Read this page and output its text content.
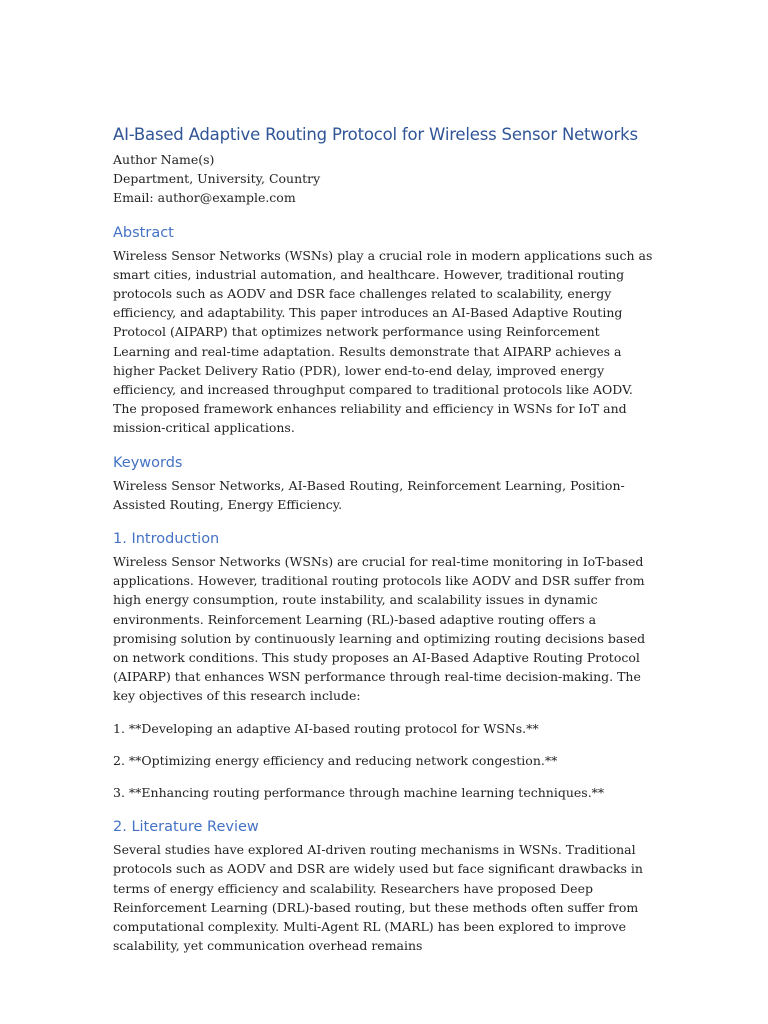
AI-Based Adaptive Routing Protocol for Wireless Sensor Networks

Author Name(s)

Department, University, Country

Email: author@example.com

Abstract

Wireless Sensor Networks (WSNs) play a crucial role in modern applications such as smart cities, industrial automation, and healthcare. However, traditional routing protocols such as AODV and DSR face challenges related to scalability, energy efficiency, and adaptability. This paper introduces an AI-Based Adaptive Routing Protocol (AIPARP) that optimizes network performance using Reinforcement Learning and real-time adaptation. Results demonstrate that AIPARP achieves a higher Packet Delivery Ratio (PDR), lower end-to-end delay, improved energy efficiency, and increased throughput compared to traditional protocols like AODV. The proposed framework enhances reliability and efficiency in WSNs for IoT and mission-critical applications.

Keywords

Wireless Sensor Networks, AI-Based Routing, Reinforcement Learning, Position-Assisted Routing, Energy Efficiency.

1. Introduction

Wireless Sensor Networks (WSNs) are crucial for real-time monitoring in IoT-based applications. However, traditional routing protocols like AODV and DSR suffer from high energy consumption, route instability, and scalability issues in dynamic environments. Reinforcement Learning (RL)-based adaptive routing offers a promising solution by continuously learning and optimizing routing decisions based on network conditions. This study proposes an AI-Based Adaptive Routing Protocol (AIPARP) that enhances WSN performance through real-time decision-making. The key objectives of this research include:

1. **Developing an adaptive AI-based routing protocol for WSNs.**

2. **Optimizing energy efficiency and reducing network congestion.**

3. **Enhancing routing performance through machine learning techniques.**

2. Literature Review

Several studies have explored AI-driven routing mechanisms in WSNs. Traditional protocols such as AODV and DSR are widely used but face significant drawbacks in terms of energy efficiency and scalability. Researchers have proposed Deep Reinforcement Learning (DRL)-based routing, but these methods often suffer from computational complexity. Multi-Agent RL (MARL) has been explored to improve scalability, yet communication overhead remains
